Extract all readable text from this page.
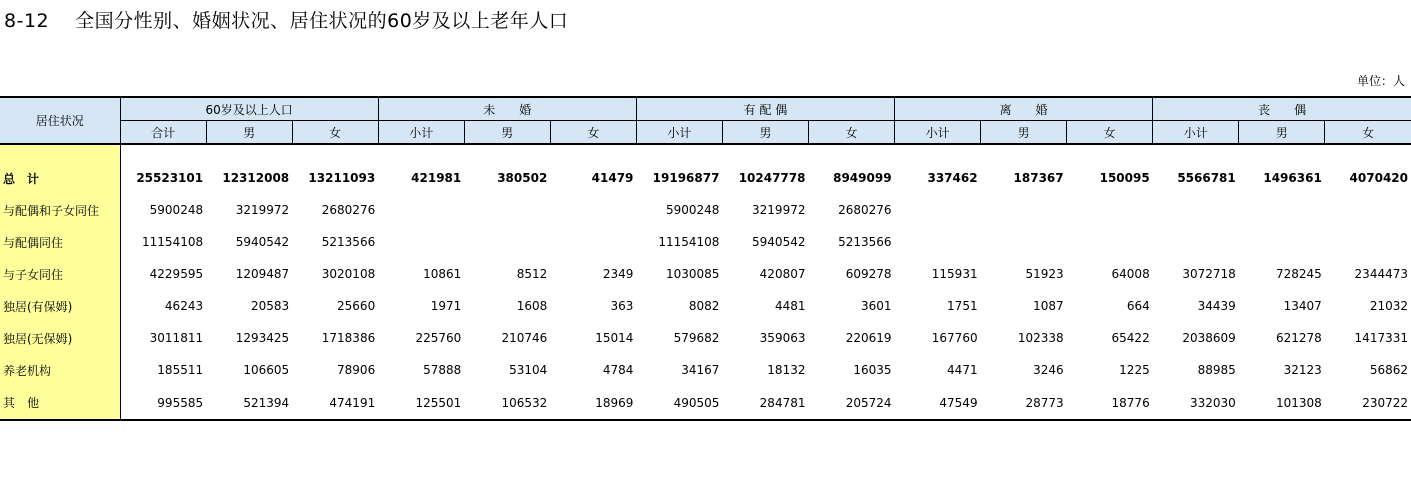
8-12 全国分性别、婚姻状况、居住状况的60岁及以上老年人口
单位：人
居住状况	60岁及以上人口			未　　婚			有 配 偶			离　　婚			丧　　偶		
	合计	男	女	小计	男	女	小计	男	女	小计	男	女	小计	男	女

总　计	25523101	12312008	13211093	421981	380502	41479	19196877	10247778	8949099	337462	187367	150095	5566781	1496361	4070420
与配偶和子女同住	5900248	3219972	2680276				5900248	3219972	2680276						
与配偶同住	11154108	5940542	5213566				11154108	5940542	5213566						
与子女同住	4229595	1209487	3020108	10861	8512	2349	1030085	420807	609278	115931	51923	64008	3072718	728245	2344473
独居(有保姆)	46243	20583	25660	1971	1608	363	8082	4481	3601	1751	1087	664	34439	13407	21032
独居(无保姆)	3011811	1293425	1718386	225760	210746	15014	579682	359063	220619	167760	102338	65422	2038609	621278	1417331
养老机构	185511	106605	78906	57888	53104	4784	34167	18132	16035	4471	3246	1225	88985	32123	56862
其　他	995585	521394	474191	125501	106532	18969	490505	284781	205724	47549	28773	18776	332030	101308	230722
